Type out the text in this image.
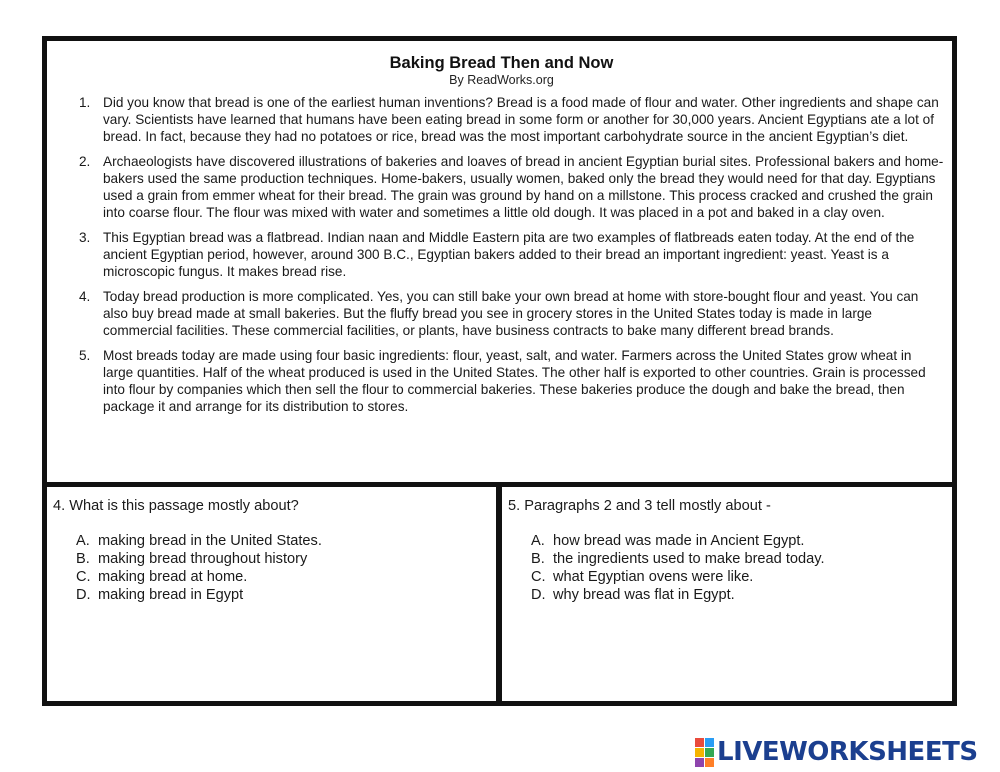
Baking Bread Then and Now
By ReadWorks.org
1. Did you know that bread is one of the earliest human inventions? Bread is a food made of flour and water. Other ingredients and shape can vary. Scientists have learned that humans have been eating bread in some form or another for 30,000 years. Ancient Egyptians ate a lot of bread. In fact, because they had no potatoes or rice, bread was the most important carbohydrate source in the ancient Egyptian’s diet.
2. Archaeologists have discovered illustrations of bakeries and loaves of bread in ancient Egyptian burial sites. Professional bakers and home-bakers used the same production techniques. Home-bakers, usually women, baked only the bread they would need for that day. Egyptians used a grain from emmer wheat for their bread. The grain was ground by hand on a millstone. This process cracked and crushed the grain into coarse flour. The flour was mixed with water and sometimes a little old dough. It was placed in a pot and baked in a clay oven.
3. This Egyptian bread was a flatbread. Indian naan and Middle Eastern pita are two examples of flatbreads eaten today. At the end of the ancient Egyptian period, however, around 300 B.C., Egyptian bakers added to their bread an important ingredient: yeast. Yeast is a microscopic fungus. It makes bread rise.
4. Today bread production is more complicated. Yes, you can still bake your own bread at home with store-bought flour and yeast. You can also buy bread made at small bakeries. But the fluffy bread you see in grocery stores in the United States today is made in large commercial facilities. These commercial facilities, or plants, have business contracts to bake many different bread brands.
5. Most breads today are made using four basic ingredients: flour, yeast, salt, and water. Farmers across the United States grow wheat in large quantities. Half of the wheat produced is used in the United States. The other half is exported to other countries. Grain is processed into flour by companies which then sell the flour to commercial bakeries. These bakeries produce the dough and bake the bread, then package it and arrange for its distribution to stores.
4. What is this passage mostly about?
A. making bread in the United States.
B. making bread throughout history
C. making bread at home.
D. making bread in Egypt
5. Paragraphs 2 and 3 tell mostly about -
A. how bread was made in Ancient Egypt.
B. the ingredients used to make bread today.
C. what Egyptian ovens were like.
D. why bread was flat in Egypt.
LIVEWORKSHEETS
